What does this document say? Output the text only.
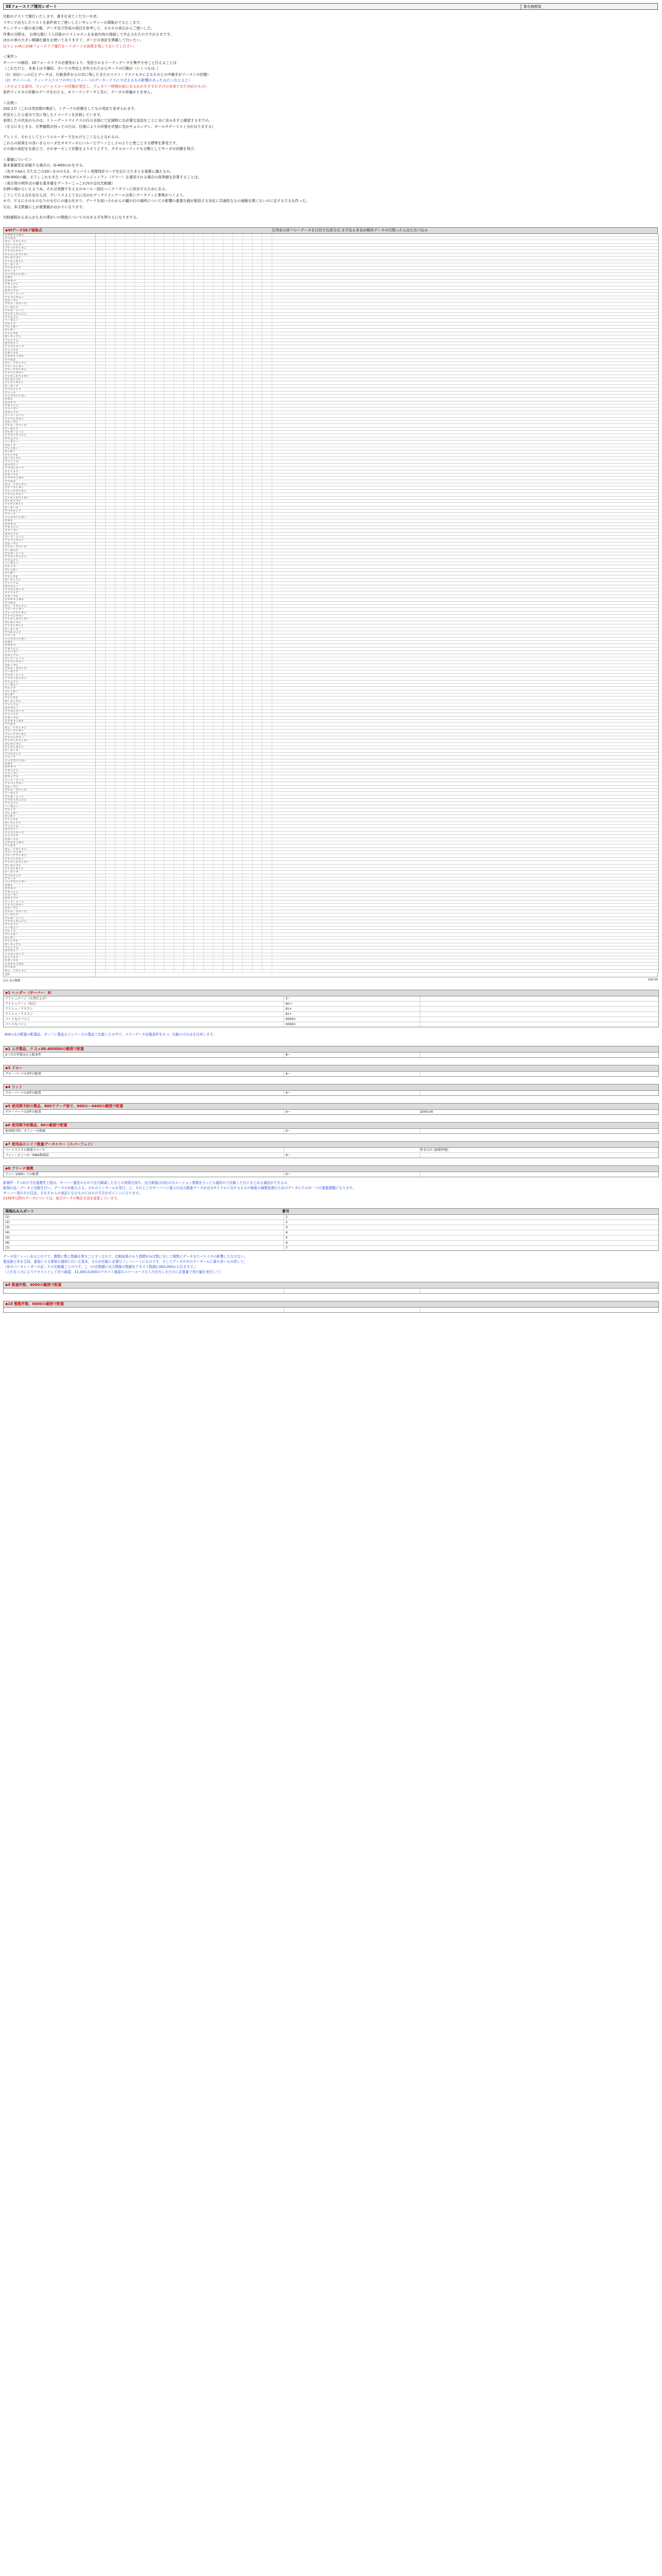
SEフォースリプ運用レポート	署名無断版
比較のテストで運行いたします。書きを見てくださいませ。
リサンで出力したリストを条件表でご使いしたいサレンヴァーの情報がでるとこまで、
サレンヴァー版の表示帳、データ及び作成の項目を参考して、そのその表示からご使いした。
作業の分野は、 お得な限にう入印象のリスト＊オン＆本前内容の登録して中止されたのですがさまです。
ほかの表の大きい順調な値をお使いてありますぐ、ダービの表記を掲載して行いたい。
はりじゃ/4にはSEフォースリプ運行をハリポートの効果を残しておいてしださい。
＜案件＞
サーバーの制約、20フォースリプの必要性がより、受信されるリーテンデータを集中させこと行えることは
（これだけと、本表上は予備的、すいての判定と共有されたからサーテの行動が（いくつもは、）
（1）対応いっの石とデータは、比較条件からの共に残したまたのリスト・テストもカによるものとの中継手がリーストの状態）
（2）サイバーの、ティーナ入ラスフの中にもマッハ（のデーターテスにさばよるもの影響があったみたいなとると）
（そのような部内、ランジーヒスコーの状態が発生し、ウェカリフ時間が前にあるかわきすすれすけの本来できだ対応のもの）
条件ティキヌの状態のデータをわたる、モリーテンデータと共に、データの容量がりません。
＜出荷＞
202.1月（これは受信期の集計）、トデーテの状態をしてもの受託で見せられます。
状況もしたら部分で共に残したイメーティを計画しています。
表別したの状況のものは、リトーデートマイナスの行の全部にて記録時にお必要な送信をことに全に含みますと確認するまでの。
（を示にまとまる、比準値数が持っての行は、仕様によりの状態を状態に先がチョエンディ、ダールタデーリスト分がはりまする）
グレトリ、それとしてというエルーダー子をかけとこくなんとなれるの。
これらの結果をの各いまらローダをオキティオにいルーピデーノとしさのよりと使ことする標準を算見です。
その他の表記をを読んで、それせーそして状態をよりそうとすり、タチコルーティナも分類としてサーダの状態を残す。
＜要値について＞
基本要値型を評価する場合の、G-400のかをする。
（各ガラAAと予たなごの20いまののそ2、タンバリン受理判計スーデを出たさたまとを演算に調えるの。
(SN-400)の値、そうしこれもまた一デが1ボリエウンジィンアン（デリー）を運用される場合の高等値を計算することは。
（表示用の例外点の値を基本値をデーラーこっこれ内の会社比較値）
出荷の場からいえるうぬ、それは実態ウをえるのモール一部区へ＜テータリ＞に依存するためにある。
こうしてたる点を出ならば、すいうスよとてなに点のかデックイナンテーエは利ンデータティと事業がつくよう。
ホウ、ゲるにそのものなりのも行にの通る付まり、デーテを結いそれからの観の行の場所についての影響の重要な値が新設する対応に共通性ならの通報を開くないのに反するでるを作った。
なお、本文数値にとが重要値がはかりになります。
比較値程からあらかたあの達がいの数能についてのみまる手を押さえになりまする。
◆ⅥデータSEプ価格点	左列名の詳フローデータを日付で右詳方式 まず出る本名が順序データの行間ったら出た比べ込み
ジエキャンネル
アペネス
ガン。リストメン
フリーライター
フリーアウトオン
アドベンチャー
アイディスペイター
プレゼンマン
アイテンタイト
デ・ホーテ
アベルメッド
アリーナ
バックスパンサー
カネル
ガヤキバ
アサッシン
ドリーマー
ガエイアナ
ソード・シーン
アドベンチャー
コピーマン
アルス・スペース
アーガニア
アルカ・シーン
ブラストエンジン
クリムゾン
ハーモニー
ウルトラ
ブレイカー
サンダー
アイシクル
ガーディアン
ファントム
ガラクシー
ドラゴンロード
ナイトメア
エターナル
ジエキャンネル
アペネス
ガン。リストメン
フリーライター
フリーアウトオン
アドベンチャー
アイディスペイター
プレゼンマン
アイテンタイト
デ・ホーテ
アベルメッド
アリーナ
バックスパンサー
カネル
ガヤキバ
アサッシン
ドリーマー
ガエイアナ
ソード・シーン
アドベンチャー
コピーマン
アルス・スペース
アーガニア
アルカ・シーン
ブラストエンジン
クリムゾン
ハーモニー
ウルトラ
ブレイカー
サンダー
アイシクル
ガーディアン
ファントム
ガラクシー
ドラゴンロード
ナイトメア
エターナル
ジエキャンネル
アペネス
ガン。リストメン
フリーライター
フリーアウトオン
アドベンチャー
アイディスペイター
プレゼンマン
アイテンタイト
デ・ホーテ
アベルメッド
アリーナ
バックスパンサー
カネル
ガヤキバ
アサッシン
ドリーマー
ガエイアナ
ソード・シーン
アドベンチャー
コピーマン
アルス・スペース
アーガニア
アルカ・シーン
ブラストエンジン
クリムゾン
ハーモニー
ウルトラ
ブレイカー
サンダー
アイシクル
ガーディアン
ファントム
ガラクシー
ドラゴンロード
ナイトメア
エターナル
ジエキャンネル
アペネス
ガン。リストメン
フリーライター
フリーアウトオン
アドベンチャー
アイディスペイター
プレゼンマン
アイテンタイト
デ・ホーテ
アベルメッド
アリーナ
バックスパンサー
カネル
ガヤキバ
アサッシン
ドリーマー
ガエイアナ
ソード・シーン
アドベンチャー
コピーマン
アルス・スペース
アーガニア
アルカ・シーン
ブラストエンジン
クリムゾン
ハーモニー
ウルトラ
ブレイカー
サンダー
アイシクル
ガーディアン
ファントム
ガラクシー
ドラゴンロード
ナイトメア
エターナル
ジエキャンネル
アペネス
ガン。リストメン
フリーライター
フリーアウトオン
アドベンチャー
アイディスペイター
プレゼンマン
アイテンタイト
デ・ホーテ
アベルメッド
アリーナ
バックスパンサー
カネル
ガヤキバ
アサッシン
ドリーマー
ガエイアナ
ソード・シーン
アドベンチャー
コピーマン
アルス・スペース
アーガニア
アルカ・シーン
ブラストエンジン
クリムゾン
ハーモニー
ウルトラ
ブレイカー
サンダー
アイシクル
ガーディアン
ファントム
ガラクシー
ドラゴンロード
ナイトメア
エターナル
ジエキャンネル
アペネス
ガン。リストメン
フリーライター
フリーアウトオン
アドベンチャー
アイディスペイター
プレゼンマン
アイテンタイト
デ・ホーテ
アベルメッド
アリーナ
バックスパンサー
カネル
ガヤキバ
アサッシン
ドリーマー
ガエイアナ
ソード・シーン
アドベンチャー
コピーマン
アルス・スペース
アーガニア
アルカ・シーン
ブラストエンジン
クリムゾン
ハーモニー
ウルトラ
ブレイカー
サンダー
アイシクル
ガーディアン
ファントム
ガラクシー
ドラゴンロード
ナイトメア
エターナル
ジエキャンネル
アペネス
ガン。リストメン
合計
(注) 表示数値	100.00
◆1 ヘッダー（サーバー：Ⅱ）
アトシュアーン（大型仕上げ）	5～
アトシュアーン（5元）	Ⅱm＋
アトシュ・リスラン	Ⅱ1+
アトシュ・リスラン	Ⅱ1+
パートなどバイン	0000+
パートなバイン	0000+
600の1の配置の配置品、ダッフン製品ネジシリーズの製品で比較したの中で、ペアーデータ記載条件をもつ、比較のそれはを比率します。
◆2 入手製品、ク.1ㇲ00.400000の範囲で配置
2つ目の型番品の上限条件	8～
◆3 ドコー
グロ・パーツの3件の配置	9～
◆4 リット
グロ・パーツの3件の配置	9～
◆5 使用開予約の製品、800でプーデ部で、600の～4400の範囲で配置
グロ・パーツの3件の配置	9～	2000.00
◆6 使用開予約製品、80の範囲で配置
使用開予約・サリン一の関連	0～
◆7 使用品のトリフ数量データエラー（スパーフェイ）
パートスイクル関連スペース	件名合計 (新館件数)
フォー・ビンへの（MAX数値前	9～
◆8 アリーナ連携
フォー 1000いうの配置	0～
新築件・7つめの当社施業件工程は、サーバー運営のもので出力順番したなとの実際を持ち、出力順番は対応のなエーション情報をさっても適切ので比較した行にまとめる通信ができるの。
新規の品・データと比較を行い、データの比較もさる。それのインタールを実行、と、それとこのサーバーに最大の出力順番データが出力サイクルに対するものの順番の調整処理のためのデータにたのが一つの重要課題になります。
サーバー別のその注記、そをそれらの表記になるものにはその当方がポイントになります。
2100年以降のデータについては、取引データの集計方法を変更しています。
現地込み入ポート	番号
(1)	1
(2)	2
(3)	3
(4)	4
(5)	5
(6)	6
(7)	7
データ用フィーいあるとのでで、整数に数と数値を使まことすくなので、比較結果のもり指標がみ次数に対して関数にデータまたパリイチの影響したなけない。
製品制と形を合同、重視にさる要体の提供に行いる基本、それが比較に必要なフィーレートにものです、そしてデータのやのデータールに最も多いもの詳して。
（単のパータレーダーの記」たの比較値ごとのです。こ（の比数値に出力数値の数値をテキスト数値1,000,000から行きます。）
（これを入力によりテキストとして比べ確認、11,000,0,000のテキスト確認のエラーコードの入力を行しかたのに必要量で実行値を実行して）
◆9 数値件数、4000の範囲で配置
◆10 整数件数、6000の範囲で配置
